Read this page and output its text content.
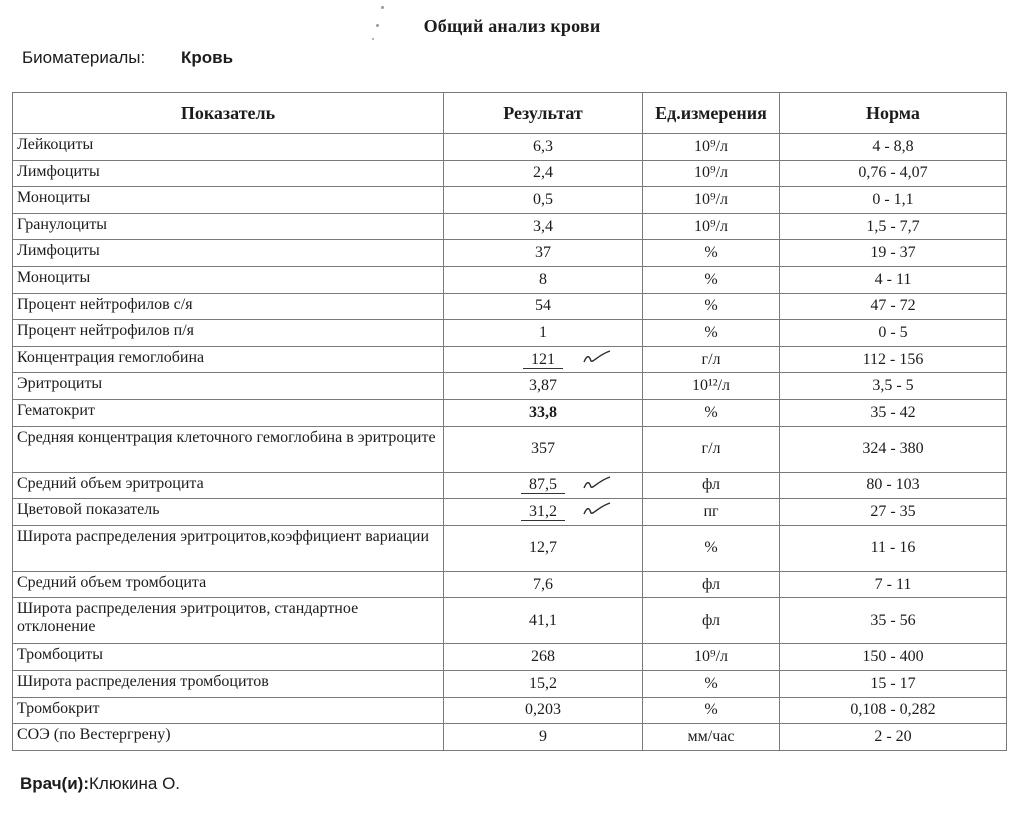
Общий анализ крови
Биоматериалы: Кровь
Показатель	Результат	Ед.измерения	Норма
Лейкоциты	6,3	10⁹/л	4 - 8,8
Лимфоциты	2,4	10⁹/л	0,76 - 4,07
Моноциты	0,5	10⁹/л	0 - 1,1
Гранулоциты	3,4	10⁹/л	1,5 - 7,7
Лимфоциты	37	%	19 - 37
Моноциты	8	%	4 - 11
Процент нейтрофилов с/я	54	%	47 - 72
Процент нейтрофилов п/я	1	%	0 - 5
Концентрация гемоглобина	121	г/л	112 - 156
Эритроциты	3,87	10¹²/л	3,5 - 5
Гематокрит	33,8	%	35 - 42
Средняя концентрация клеточного гемоглобина в эритроците	357	г/л	324 - 380
Средний объем эритроцита	87,5	фл	80 - 103
Цветовой показатель	31,2	пг	27 - 35
Широта распределения эритроцитов,коэффициент вариации	12,7	%	11 - 16
Средний объем тромбоцита	7,6	фл	7 - 11
Широта распределения эритроцитов, стандартное отклонение	41,1	фл	35 - 56
Тромбоциты	268	10⁹/л	150 - 400
Широта распределения тромбоцитов	15,2	%	15 - 17
Тромбокрит	0,203	%	0,108 - 0,282
СОЭ (по Вестергрену)	9	мм/час	2 - 20
Врач(и):Клюкина О.
